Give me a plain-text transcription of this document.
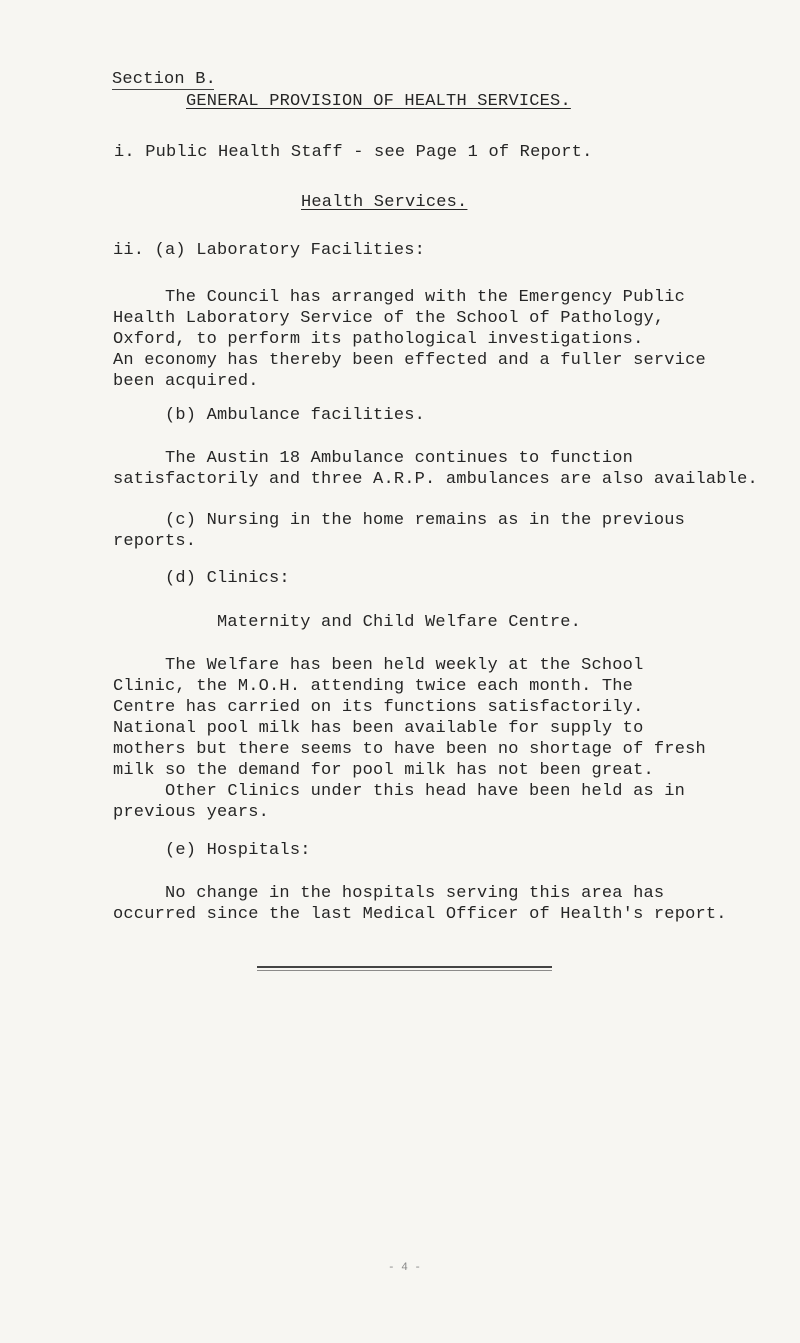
Section B.
GENERAL PROVISION OF HEALTH SERVICES.
i. Public Health Staff - see Page 1 of Report.
Health Services.
ii. (a) Laboratory Facilities:
The Council has arranged with the Emergency Public
Health Laboratory Service of the School of Pathology,
Oxford, to perform its pathological investigations.
An economy has thereby been effected and a fuller service
been acquired.
(b) Ambulance facilities.
The Austin 18 Ambulance continues to function
satisfactorily and three A.R.P. ambulances are also available.
(c) Nursing in the home remains as in the previous
reports.
(d) Clinics:
Maternity and Child Welfare Centre.
The Welfare has been held weekly at the School
Clinic, the M.O.H. attending twice each month. The
Centre has carried on its functions satisfactorily.
National pool milk has been available for supply to
mothers but there seems to have been no shortage of fresh
milk so the demand for pool milk has not been great.
Other Clinics under this head have been held as in
previous years.
(e) Hospitals:
No change in the hospitals serving this area has
occurred since the last Medical Officer of Health's report.
- 4 -
